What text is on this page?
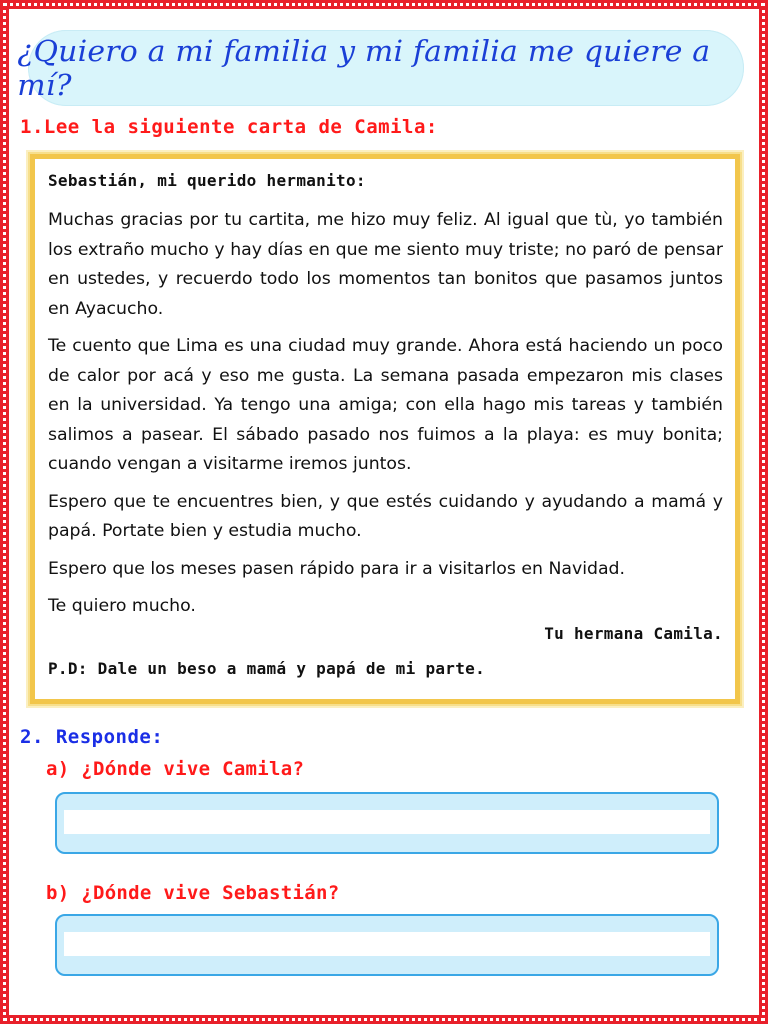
¿Quiero a mi familia y mi familia me quiere a mí?
1.Lee la siguiente carta de Camila:

Sebastián, mi querido hermanito:

Muchas gracias por tu cartita, me hizo muy feliz. Al igual que tù, yo también los extraño mucho y hay días en que me siento muy triste; no paró de pensar en ustedes, y recuerdo todo los momentos tan bonitos que pasamos juntos en Ayacucho.

Te cuento que Lima es una ciudad muy grande. Ahora está haciendo un poco de calor por acá y eso me gusta. La semana pasada empezaron mis clases en la universidad. Ya tengo una amiga; con ella hago mis tareas y también salimos a pasear. El sábado pasado nos fuimos a la playa: es muy bonita; cuando vengan a visitarme iremos juntos.

Espero que te encuentres bien, y que estés cuidando y ayudando a mamá y papá. Portate bien y estudia mucho.

Espero que los meses pasen rápido para ir a visitarlos en Navidad.

Te quiero mucho.

Tu hermana Camila.

P.D: Dale un beso a mamá y papá de mi parte.

2. Responde:
a) ¿Dónde vive Camila?
b) ¿Dónde vive Sebastián?
